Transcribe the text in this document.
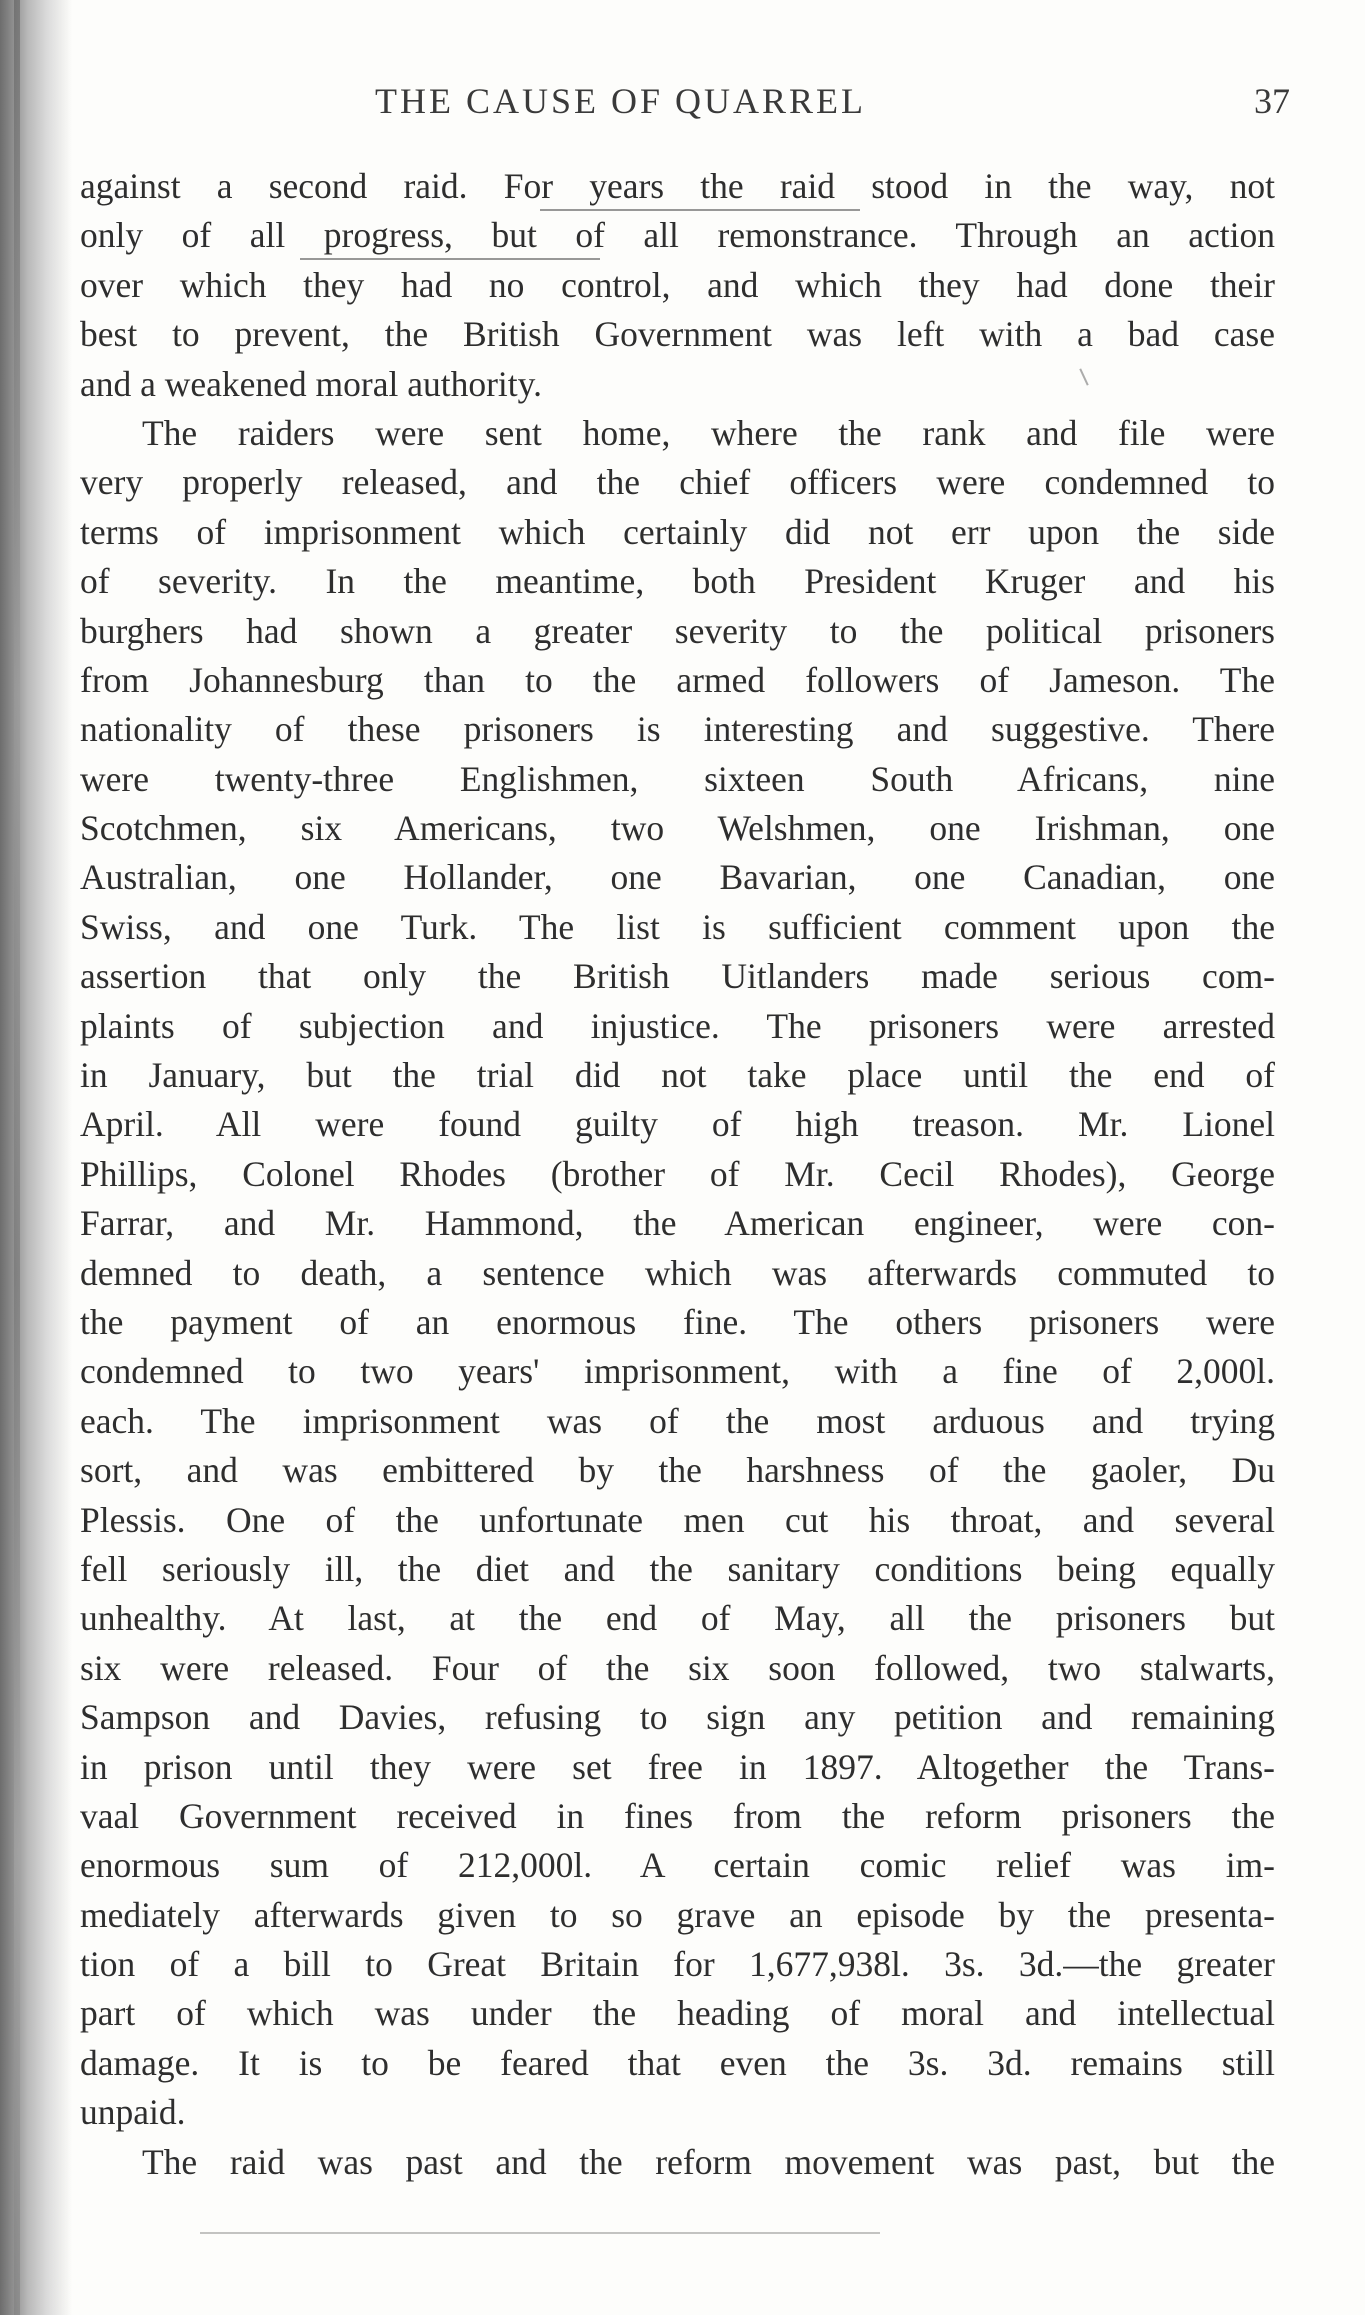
THE CAUSE OF QUARREL	37
against a second raid. For years the raid stood in the way, not
only of all progress, but of all remonstrance. Through an action
over which they had no control, and which they had done their
best to prevent, the British Government was left with a bad case
and a weakened moral authority.
The raiders were sent home, where the rank and file were
very properly released, and the chief officers were condemned to
terms of imprisonment which certainly did not err upon the side
of severity. In the meantime, both President Kruger and his
burghers had shown a greater severity to the political prisoners
from Johannesburg than to the armed followers of Jameson. The
nationality of these prisoners is interesting and suggestive. There
were twenty-three Englishmen, sixteen South Africans, nine
Scotchmen, six Americans, two Welshmen, one Irishman, one
Australian, one Hollander, one Bavarian, one Canadian, one
Swiss, and one Turk. The list is sufficient comment upon the
assertion that only the British Uitlanders made serious com-
plaints of subjection and injustice. The prisoners were arrested
in January, but the trial did not take place until the end of
April. All were found guilty of high treason. Mr. Lionel
Phillips, Colonel Rhodes (brother of Mr. Cecil Rhodes), George
Farrar, and Mr. Hammond, the American engineer, were con-
demned to death, a sentence which was afterwards commuted to
the payment of an enormous fine. The others prisoners were
condemned to two years' imprisonment, with a fine of 2,000l.
each. The imprisonment was of the most arduous and trying
sort, and was embittered by the harshness of the gaoler, Du
Plessis. One of the unfortunate men cut his throat, and several
fell seriously ill, the diet and the sanitary conditions being equally
unhealthy. At last, at the end of May, all the prisoners but
six were released. Four of the six soon followed, two stalwarts,
Sampson and Davies, refusing to sign any petition and remaining
in prison until they were set free in 1897. Altogether the Trans-
vaal Government received in fines from the reform prisoners the
enormous sum of 212,000l. A certain comic relief was im-
mediately afterwards given to so grave an episode by the presenta-
tion of a bill to Great Britain for 1,677,938l. 3s. 3d.—the greater
part of which was under the heading of moral and intellectual
damage. It is to be feared that even the 3s. 3d. remains still
unpaid.
The raid was past and the reform movement was past, but the
